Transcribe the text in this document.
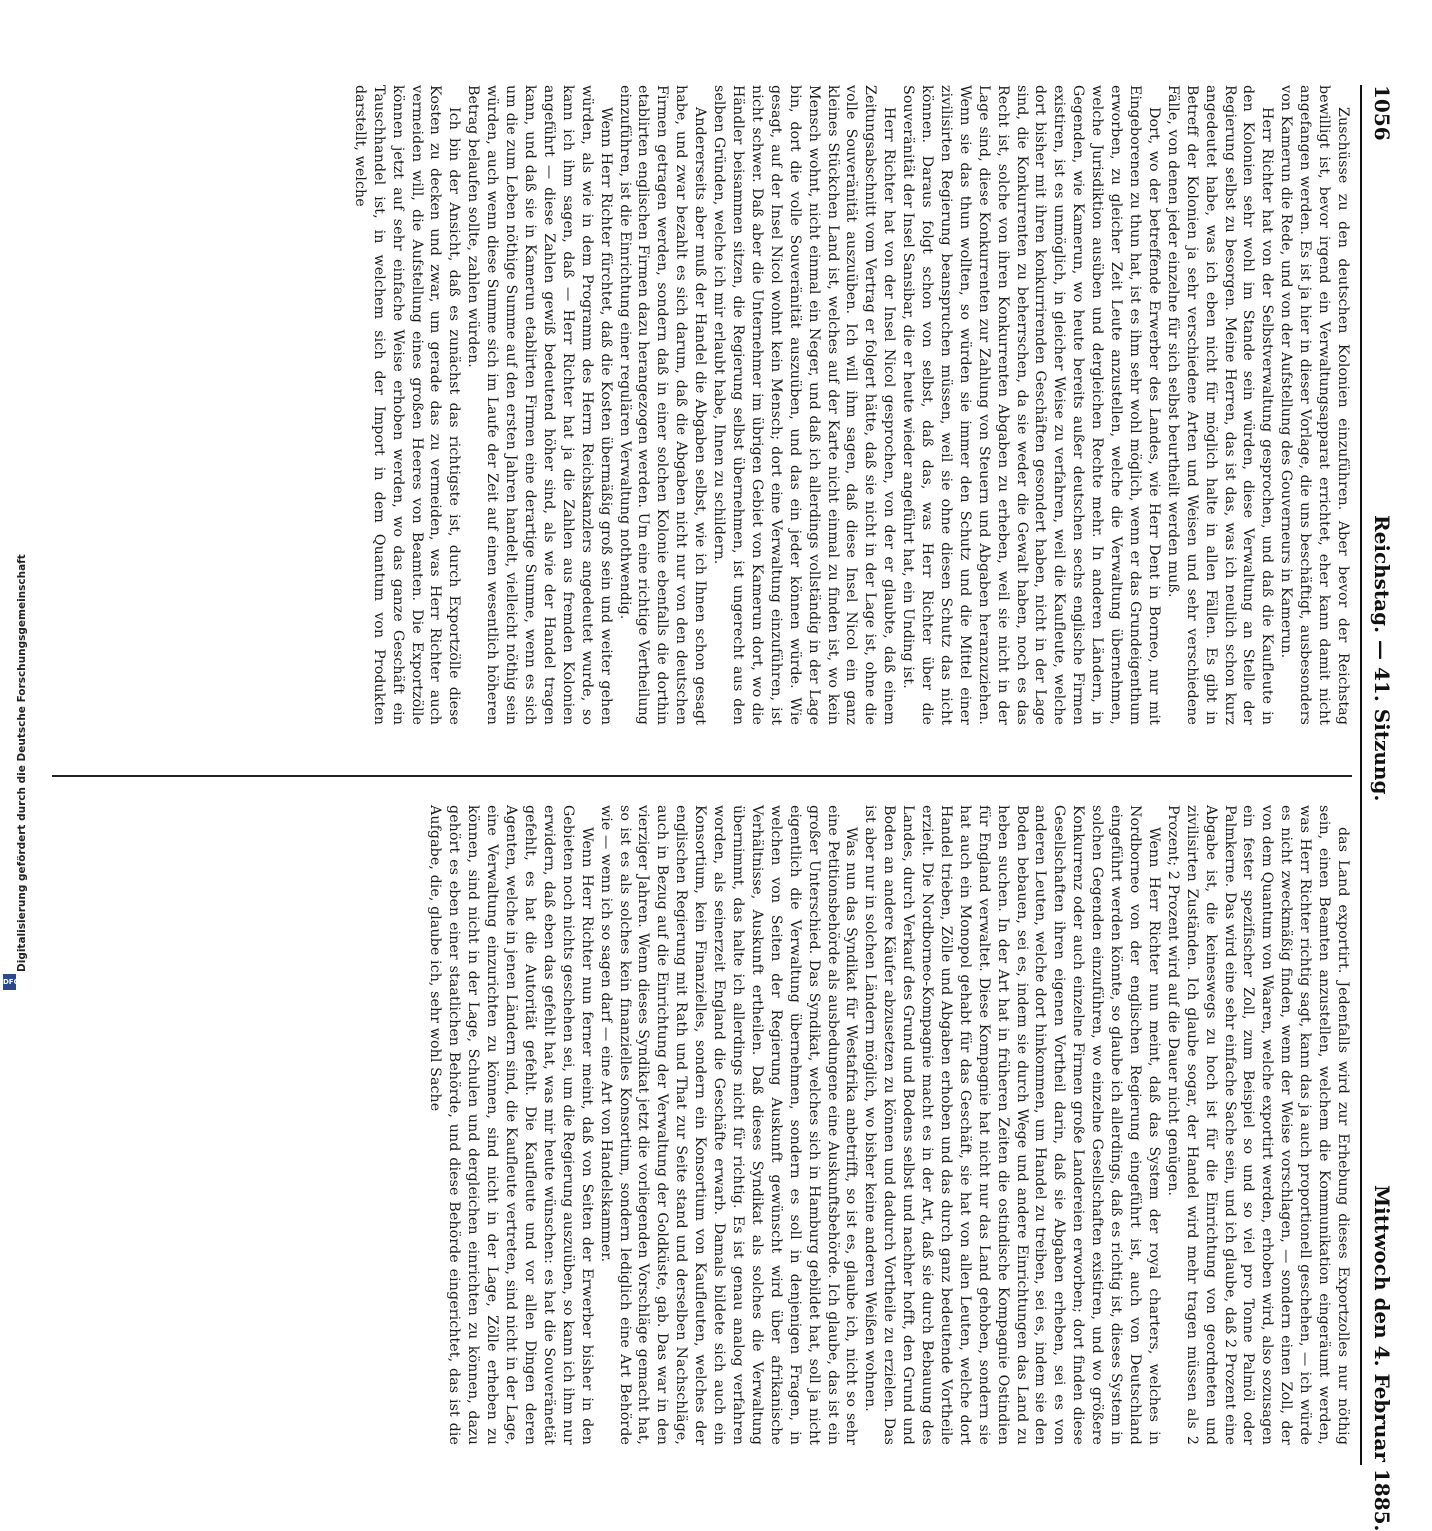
1056
Reichstag. — 41. Sitzung.
Mittwoch den 4. Februar 1885.

Zuschüsse zu den deutschen Kolonien einzuführen. Aber bevor der Reichstag bewilligt ist, bevor irgend ein Verwaltungsapparat errichtet, eher kann damit nicht angefangen werden. Es ist ja hier in dieser Vorlage, die uns beschäftigt, ausbesonders von Kamerun die Rede, und von der Aufstellung des Gouverneurs in Kamerun.

Herr Richter hat von der Selbstverwaltung gesprochen, und daß die Kaufleute in den Kolonien sehr wohl im Stande sein würden, diese Verwaltung an Stelle der Regierung selbst zu besorgen. Meine Herren, das ist das, was ich neulich schon kurz angedeutet habe, was ich eben nicht für möglich halte in allen Fällen. Es gibt in Betreff der Kolonien ja sehr verschiedene Arten und Weisen und sehr verschiedene Fälle, von denen jeder einzelne für sich selbst beurtheilt werden muß.

Dort, wo der betreffende Erwerber des Landes, wie Herr Dent in Borneo, nur mit Eingeborenen zu thun hat, ist es ihm sehr wohl möglich, wenn er das Grundeigenthum erworben, zu gleicher Zeit Leute anzustellen, welche die Verwaltung übernehmen, welche Jurisdiktion ausüben und dergleichen Rechte mehr. In anderen Ländern, in Gegenden, wie Kamerun, wo heute bereits außer deutschen sechs englische Firmen existiren, ist es unmöglich, in gleicher Weise zu verfahren, weil die Kaufleute, welche dort bisher mit ihren konkurrirenden Geschäften gesondert haben, nicht in der Lage sind, die Konkurrenten zu beherrschen, da sie weder die Gewalt haben, noch es das Recht ist, solche von ihren Konkurrenten Abgaben zu erheben, weil sie nicht in der Lage sind, diese Konkurrenten zur Zahlung von Steuern und Abgaben heranzuziehen. Wenn sie das thun wollten, so würden sie immer den Schutz und die Mittel einer zivilisirten Regierung beanspruchen müssen, weil sie ohne diesen Schutz das nicht können. Daraus folgt schon von selbst, daß das, was Herr Richter über die Souveränität der Insel Sansibar, die er heute wieder angeführt hat, ein Unding ist.

Herr Richter hat von der Insel Nicol gesprochen, von der er glaubte, daß einem Zeitungsabschnitt vom Vertrag er folgert hätte, daß sie nicht in der Lage ist, ohne die volle Souveränität auszuüben. Ich will ihm sagen, daß diese Insel Nicol ein ganz kleines Stückchen Land ist, welches auf der Karte nicht einmal zu finden ist, wo kein Mensch wohnt, nicht einmal ein Neger, und daß ich allerdings vollständig in der Lage bin, dort die volle Souveränität auszuüben, und das ein jeder können würde. Wie gesagt, auf der Insel Nicol wohnt kein Mensch; dort eine Verwaltung einzuführen, ist nicht schwer. Daß aber die Unternehmer im übrigen Gebiet von Kamerun dort, wo die Händler beisammen sitzen, die Regierung selbst übernehmen, ist ungerecht aus den selben Gründen, welche ich mir erlaubt habe, Ihnen zu schildern.

Andererseits aber muß der Handel die Abgaben selbst, wie ich Ihnen schon gesagt habe, und zwar bezahlt es sich darum, daß die Abgaben nicht nur von den deutschen Firmen getragen werden, sondern daß in einer solchen Kolonie ebenfalls die dorthin etablirten englischen Firmen dazu herangezogen werden. Um eine richtige Vertheilung einzuführen, ist die Einrichtung einer regulären Verwaltung nothwendig.

Wenn Herr Richter fürchtet, daß die Kosten übermäßig groß sein und weiter gehen würden, als wie in dem Programm des Herrn Reichskanzlers angedeutet wurde, so kann ich ihm sagen, daß — Herr Richter hat ja die Zahlen aus fremden Kolonien angeführt — diese Zahlen gewiß bedeutend höher sind, als wie der Handel tragen kann, und daß sie in Kamerun etablirten Firmen eine derartige Summe, wenn es sich um die zum Leben nöthige Summe auf den ersten Jahren handelt, vielleicht nöthig sein würden, auch wenn diese Summe sich im Laufe der Zeit auf einen wesentlich höheren Betrag belaufen sollte, zahlen würden.

Ich bin der Ansicht, daß es zunächst das richtigste ist, durch Exportzölle diese Kosten zu decken und zwar, um gerade das zu vermeiden, was Herr Richter auch vermeiden will, die Aufstellung eines großen Heeres von Beamten. Die Exportzölle können jetzt auf sehr einfache Weise erhoben werden, wo das ganze Geschäft ein Tauschhandel ist, in welchem sich der Import in dem Quantum von Produkten darstellt, welche

das Land exportirt. Jedenfalls wird zur Erhebung dieses Exportzolles nur nöthig sein, einen Beamten anzustellen, welchem die Kommunikation eingeräumt werden, was Herr Richter richtig sagt, kann das ja auch proportionell geschehen, — ich würde es nicht zweckmäßig finden, wenn der Weise vorschlagen, — sondern einen Zoll, der von dem Quantum von Waaren, welche exportirt werden, erhoben wird, also sozusagen ein fester spezifischer Zoll, zum Beispiel so und so viel pro Tonne Palmöl oder Palmkerne. Das wird eine sehr einfache Sache sein, und ich glaube, daß 2 Prozent eine Abgabe ist, die keineswegs zu hoch ist für die Einrichtung von geordneten und zivilisirten Zuständen. Ich glaube sogar, der Handel wird mehr tragen müssen als 2 Prozent; 2 Prozent wird auf die Dauer nicht genügen.

Wenn Herr Richter nun meint, daß das System der royal charters, welches in Nordborneo von der englischen Regierung eingeführt ist, auch von Deutschland eingeführt werden könnte, so glaube ich allerdings, daß es richtig ist, dieses System in solchen Gegenden einzuführen, wo einzelne Gesellschaften existiren, und wo größere Konkurrenz oder auch einzelne Firmen große Landereien erworben; dort finden diese Gesellschaften ihren eigenen Vortheil darin, daß sie Abgaben erheben, sei es von anderen Leuten, welche dort hinkommen, um Handel zu treiben, sei es, indem sie den Boden bebauen, sei es, indem sie durch Wege und andere Einrichtungen das Land zu heben suchen. In der Art hat in früheren Zeiten die ostindische Kompagnie Ostindien für England verwaltet. Diese Kompagnie hat nicht nur das Land gehoben, sondern sie hat auch ein Monopol gehabt für das Geschäft, sie hat von allen Leuten, welche dort Handel trieben, Zölle und Abgaben erhoben und das durch ganz bedeutende Vortheile erzielt. Die Nordborneo-Kompagnie macht es in der Art, daß sie durch Bebauung des Landes, durch Verkauf des Grund und Bodens selbst und nachher hofft, den Grund und Boden an andere Käufer abzusetzen zu können und dadurch Vortheile zu erzielen. Das ist aber nur in solchen Ländern möglich, wo bisher keine anderen Weißen wohnen.

Was nun das Syndikat für Westafrika anbetrifft, so ist es, glaube ich, nicht so sehr eine Petitionsbehörde als ausbedungene eine Auskunftsbehörde. Ich glaube, das ist ein großer Unterschied. Das Syndikat, welches sich in Hamburg gebildet hat, soll ja nicht eigentlich die Verwaltung übernehmen, sondern es soll in denjenigen Fragen, in welchen von Seiten der Regierung Auskunft gewünscht wird über afrikanische Verhältnisse, Auskunft ertheilen. Daß dieses Syndikat als solches die Verwaltung übernimmt, das halte ich allerdings nicht für richtig. Es ist genau analog verfahren worden, als seinerzeit England die Geschäfte erwarb. Damals bildete sich auch ein Konsortium, kein Finanzielles, sondern ein Konsortium von Kaufleuten, welches der englischen Regierung mit Rath und That zur Seite stand und derselben Nachschläge, auch in Bezug auf die Einrichtung der Verwaltung der Goldküste, gab. Das war in den vierziger Jahren. Wenn dieses Syndikat jetzt die vorliegenden Vorschläge gemacht hat, so ist es als solches kein finanzielles Konsortium, sondern lediglich eine Art Behörde wie — wenn ich so sagen darf — eine Art von Handelskammer.

Wenn Herr Richter nun ferner meint, daß von Seiten der Erwerber bisher in den Gebieten noch nichts geschehen sei, um die Regierung auszuüben, so kann ich ihm nur erwidern, daß eben das gefehlt hat, was mir heute wünschen: es hat die Souveränetät gefehlt, es hat die Autorität gefehlt. Die Kaufleute und vor allen Dingen deren Agenten, welche in jenen Ländern sind, die Kaufleute vertreten, sind nicht in der Lage, eine Verwaltung einzurichten zu können, sind nicht in der Lage, Zölle erheben zu können, sind nicht in der Lage, Schulen und dergleichen einrichten zu können, dazu gehört es eben einer staatlichen Behörde, und diese Behörde eingerichtet, das ist die Aufgabe, die, glaube ich, sehr wohl Sache

Digitalisierung gefördert durch die Deutsche Forschungsgemeinschaft
DFG
